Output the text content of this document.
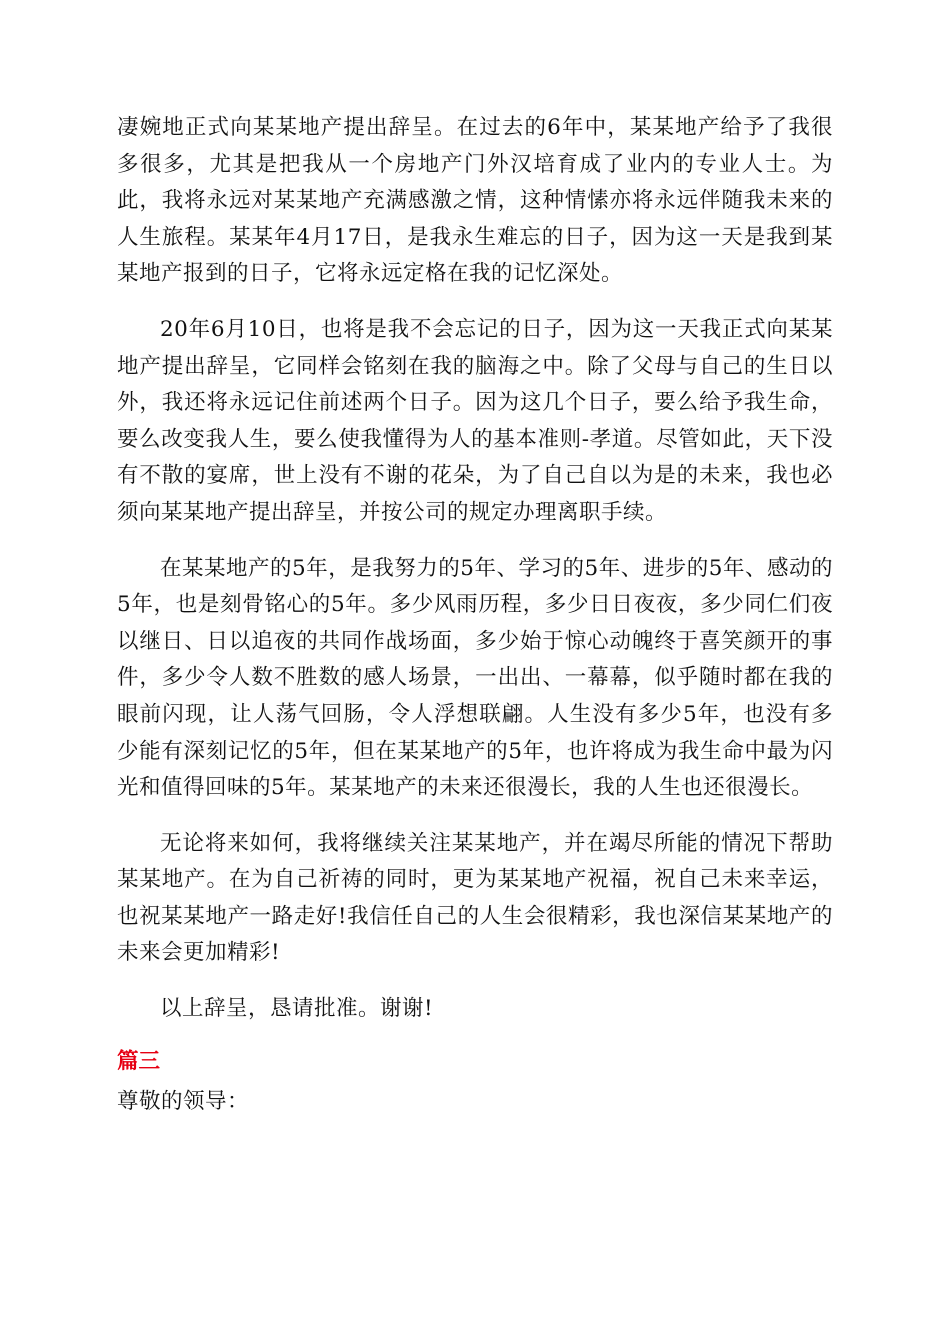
凄婉地正式向某某地产提出辞呈。在过去的6年中，某某地产给予了我很多很多，尤其是把我从一个房地产门外汉培育成了业内的专业人士。为此，我将永远对某某地产充满感激之情，这种情愫亦将永远伴随我未来的人生旅程。某某年4月17日，是我永生难忘的日子，因为这一天是我到某某地产报到的日子，它将永远定格在我的记忆深处。

20年6月10日，也将是我不会忘记的日子，因为这一天我正式向某某地产提出辞呈，它同样会铭刻在我的脑海之中。除了父母与自己的生日以外，我还将永远记住前述两个日子。因为这几个日子，要么给予我生命，要么改变我人生，要么使我懂得为人的基本准则-孝道。尽管如此，天下没有不散的宴席，世上没有不谢的花朵，为了自己自以为是的未来，我也必须向某某地产提出辞呈，并按公司的规定办理离职手续。

在某某地产的5年，是我努力的5年、学习的5年、进步的5年、感动的5年，也是刻骨铭心的5年。多少风雨历程，多少日日夜夜，多少同仁们夜以继日、日以追夜的共同作战场面，多少始于惊心动魄终于喜笑颜开的事件，多少令人数不胜数的感人场景，一出出、一幕幕，似乎随时都在我的眼前闪现，让人荡气回肠，令人浮想联翩。人生没有多少5年，也没有多少能有深刻记忆的5年，但在某某地产的5年，也许将成为我生命中最为闪光和值得回味的5年。某某地产的未来还很漫长，我的人生也还很漫长。

无论将来如何，我将继续关注某某地产，并在竭尽所能的情况下帮助某某地产。在为自己祈祷的同时，更为某某地产祝福，祝自己未来幸运，也祝某某地产一路走好!我信任自己的人生会很精彩，我也深信某某地产的未来会更加精彩!

以上辞呈，恳请批准。谢谢!

篇三

尊敬的领导：
